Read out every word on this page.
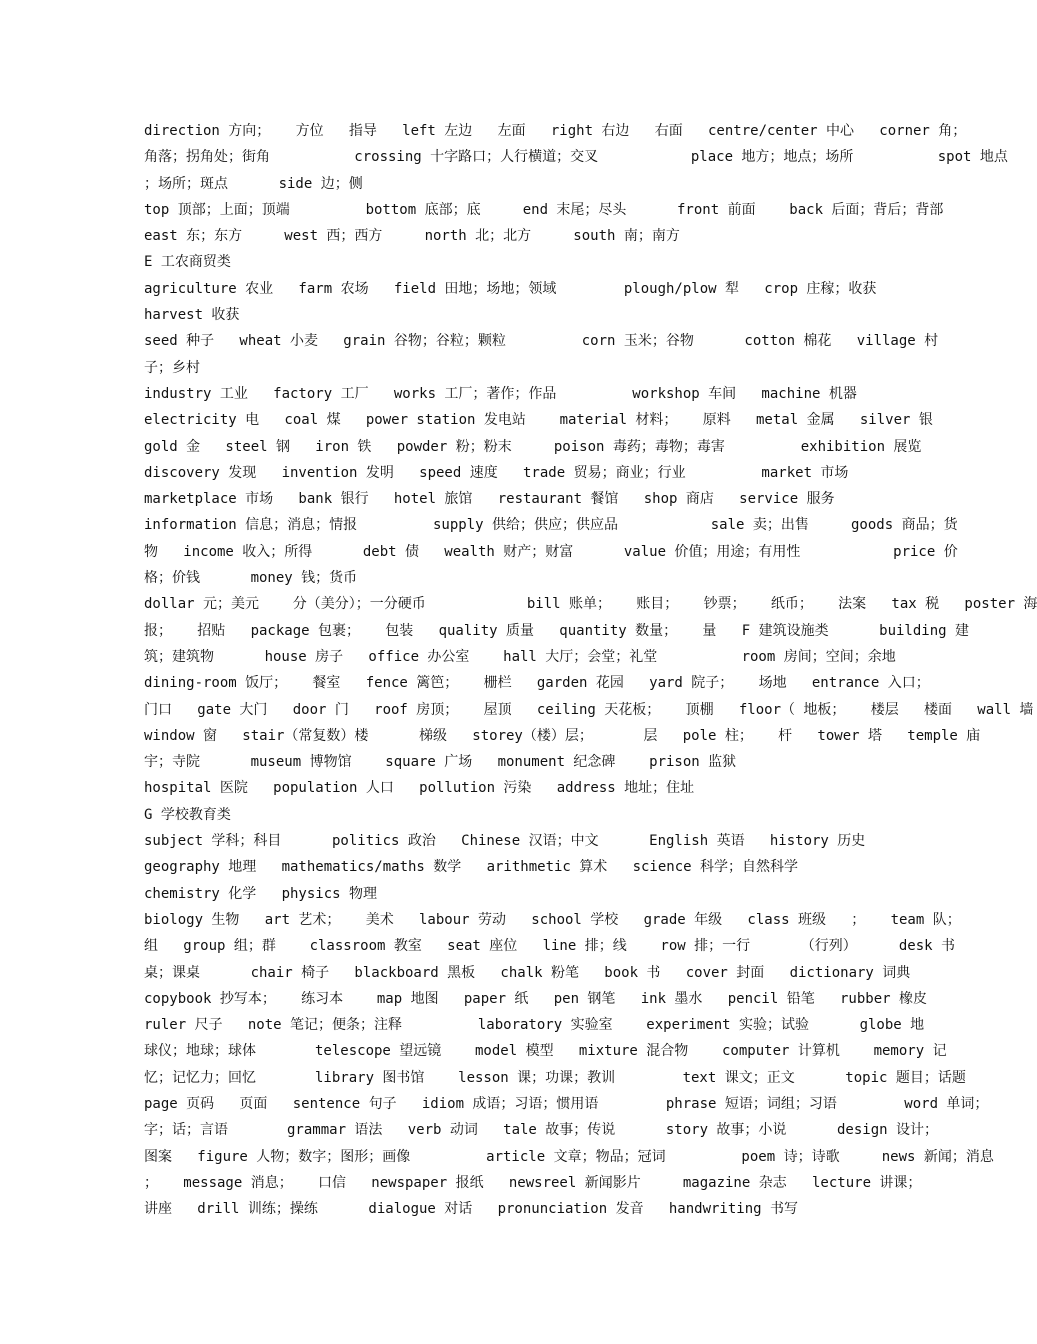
direction 方向；   方位   指导   left 左边   左面   right 右边   右面   centre/center 中心   corner 角；
角落；拐角处；街角          crossing 十字路口；人行横道；交叉           place 地方；地点；场所          spot 地点
；场所；斑点      side 边；侧
top 顶部；上面；顶端         bottom 底部；底     end 末尾；尽头      front 前面    back 后面；背后；背部
east 东；东方     west 西；西方     north 北；北方     south 南；南方
E 工农商贸类
agriculture 农业   farm 农场   field 田地；场地；领域        plough/plow 犁   crop 庄稼；收获
harvest 收获
seed 种子   wheat 小麦   grain 谷物；谷粒；颗粒         corn 玉米；谷物      cotton 棉花   village 村
子；乡村
industry 工业   factory 工厂   works 工厂；著作；作品         workshop 车间   machine 机器
electricity 电   coal 煤   power station 发电站    material 材料；   原料   metal 金属   silver 银
gold 金   steel 钢   iron 铁   powder 粉；粉末     poison 毒药；毒物；毒害         exhibition 展览
discovery 发现   invention 发明   speed 速度   trade 贸易；商业；行业         market 市场
marketplace 市场   bank 银行   hotel 旅馆   restaurant 餐馆   shop 商店   service 服务
information 信息；消息；情报         supply 供给；供应；供应品           sale 卖；出售     goods 商品；货
物   income 收入；所得      debt 债   wealth 财产；财富      value 价值；用途；有用性           price 价
格；价钱      money 钱；货币
dollar 元；美元    分（美分）；一分硬币            bill 账单；   账目；   钞票；   纸币；   法案   tax 税   poster 海
报；   招贴   package 包裹；   包装   quality 质量   quantity 数量；   量   F 建筑设施类      building 建
筑；建筑物      house 房子   office 办公室    hall 大厅；会堂；礼堂          room 房间；空间；余地
dining-room 饭厅；   餐室   fence 篱笆；   栅栏   garden 花园   yard 院子；   场地   entrance 入口；
门口   gate 大门   door 门   roof 房顶；   屋顶   ceiling 天花板；   顶棚   floor（ 地板；   楼层   楼面   wall 墙
window 窗   stair（常复数）楼      梯级   storey（楼）层；      层   pole 柱；   杆   tower 塔   temple 庙
宇；寺院      museum 博物馆    square 广场   monument 纪念碑    prison 监狱
hospital 医院   population 人口   pollution 污染   address 地址；住址
G 学校教育类
subject 学科；科目      politics 政治   Chinese 汉语；中文      English 英语   history 历史
geography 地理   mathematics/maths 数学   arithmetic 算术   science 科学；自然科学
chemistry 化学   physics 物理
biology 生物   art 艺术；   美术   labour 劳动   school 学校   grade 年级   class 班级   ；   team 队；
组   group 组；群    classroom 教室   seat 座位   line 排；线    row 排；一行      （行列）     desk 书
桌；课桌      chair 椅子   blackboard 黑板   chalk 粉笔   book 书   cover 封面   dictionary 词典
copybook 抄写本；   练习本    map 地图   paper 纸   pen 钢笔   ink 墨水   pencil 铅笔   rubber 橡皮
ruler 尺子   note 笔记；便条；注释         laboratory 实验室    experiment 实验；试验      globe 地
球仪；地球；球体       telescope 望远镜    model 模型   mixture 混合物    computer 计算机    memory 记
忆；记忆力；回忆       library 图书馆    lesson 课；功课；教训        text 课文；正文      topic 题目；话题
page 页码   页面   sentence 句子   idiom 成语；习语；惯用语        phrase 短语；词组；习语        word 单词；
字；话；言语       grammar 语法   verb 动词   tale 故事；传说      story 故事；小说      design 设计；
图案   figure 人物；数字；图形；画像         article 文章；物品；冠词         poem 诗；诗歌     news 新闻；消息
；   message 消息；   口信   newspaper 报纸   newsreel 新闻影片     magazine 杂志   lecture 讲课；
讲座   drill 训练；操练      dialogue 对话   pronunciation 发音   handwriting 书写
